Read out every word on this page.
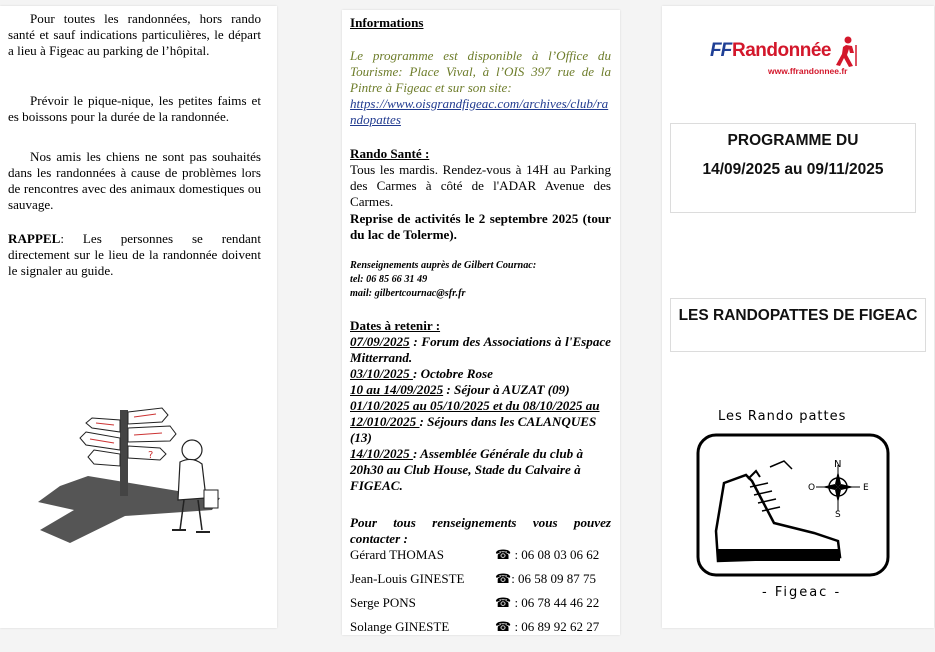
Pour toutes les randonnées, hors rando santé et sauf indications particulières, le départ a lieu à Figeac au parking de l’hôpital.

Prévoir le pique-nique, les petites faims et es boissons pour la durée de la randonnée.

Nos amis les chiens ne sont pas souhaités dans les randonnées à cause de problèmes lors de rencontres avec des animaux domestiques ou sauvage.

RAPPEL: Les personnes se rendant directement sur le lieu de la randonnée doivent le signaler au guide.

?

Informations

Le programme est disponible à l’Office du Tourisme: Place Vival, à l’OIS 397 rue de la Pintre à Figeac et sur son site:

https://www.oisgrandfigeac.com/archives/club/randopattes

Rando Santé :

Tous les mardis. Rendez-vous à 14H au Parking des Carmes à côté de l'ADAR Avenue des Carmes.

Reprise de activités le 2 septembre 2025 (tour du lac de Tolerme).

Renseignements auprès de Gilbert Cournac:
tel: 06 85 66 31 49
mail: gilbertcournac@sfr.fr

Dates à retenir :

07/09/2025 : Forum des Associations à l'Espace Mitterrand.
03/10/2025 : Octobre Rose
10 au 14/09/2025 : Séjour à AUZAT (09)
01/10/2025 au 05/10/2025 et du 08/10/2025 au 12/010/2025 : Séjours dans les CALANQUES (13)
14/10/2025 : Assemblée Générale du club à 20h30 au Club House, Stade du Calvaire à FIGEAC.

Pour tous renseignements vous pouvez contacter :

Gérard THOMAS	☎ : 06 08 03 06 62
Jean-Louis GINESTE ☎: 06 58 09 87 75
Serge PONS	☎ : 06 78 44 46 22
Solange GINESTE	☎ : 06 89 92 62 27
FF Randonnée
www.ffrandonnee.fr
PROGRAMME DU
14/09/2025 au 09/11/2025
LES RANDOPATTES DE FIGEAC
Les Rando pattes
N
S
E
O
- Figeac -
